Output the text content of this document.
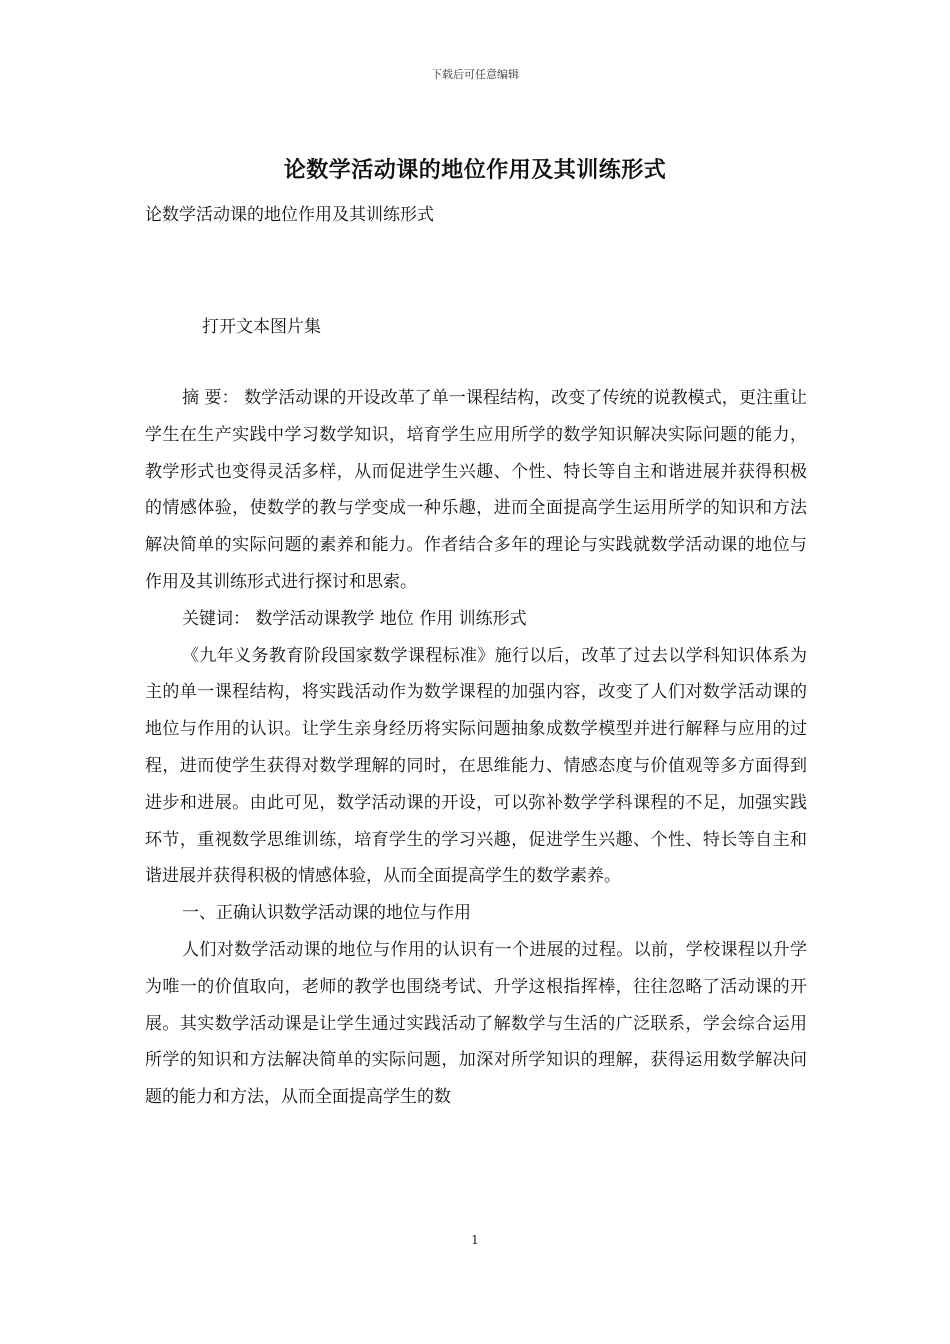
下载后可任意编辑
论数学活动课的地位作用及其训练形式

论数学活动课的地位作用及其训练形式

打开文本图片集

摘 要： 数学活动课的开设改革了单一课程结构，改变了传统的说教模式，更注重让学生在生产实践中学习数学知识，培育学生应用所学的数学知识解决实际问题的能力，教学形式也变得灵活多样，从而促进学生兴趣、个性、特长等自主和谐进展并获得积极的情感体验，使数学的教与学变成一种乐趣，进而全面提高学生运用所学的知识和方法解决简单的实际问题的素养和能力。作者结合多年的理论与实践就数学活动课的地位与作用及其训练形式进行探讨和思索。

关键词： 数学活动课教学 地位 作用 训练形式

《九年义务教育阶段国家数学课程标准》施行以后，改革了过去以学科知识体系为主的单一课程结构，将实践活动作为数学课程的加强内容，改变了人们对数学活动课的地位与作用的认识。让学生亲身经历将实际问题抽象成数学模型并进行解释与应用的过程，进而使学生获得对数学理解的同时，在思维能力、情感态度与价值观等多方面得到进步和进展。由此可见，数学活动课的开设，可以弥补数学学科课程的不足，加强实践环节，重视数学思维训练，培育学生的学习兴趣，促进学生兴趣、个性、特长等自主和谐进展并获得积极的情感体验，从而全面提高学生的数学素养。

一、正确认识数学活动课的地位与作用

人们对数学活动课的地位与作用的认识有一个进展的过程。以前，学校课程以升学为唯一的价值取向，老师的教学也围绕考试、升学这根指挥棒，往往忽略了活动课的开展。其实数学活动课是让学生通过实践活动了解数学与生活的广泛联系，学会综合运用所学的知识和方法解决简单的实际问题，加深对所学知识的理解，获得运用数学解决问题的能力和方法，从而全面提高学生的数

1
